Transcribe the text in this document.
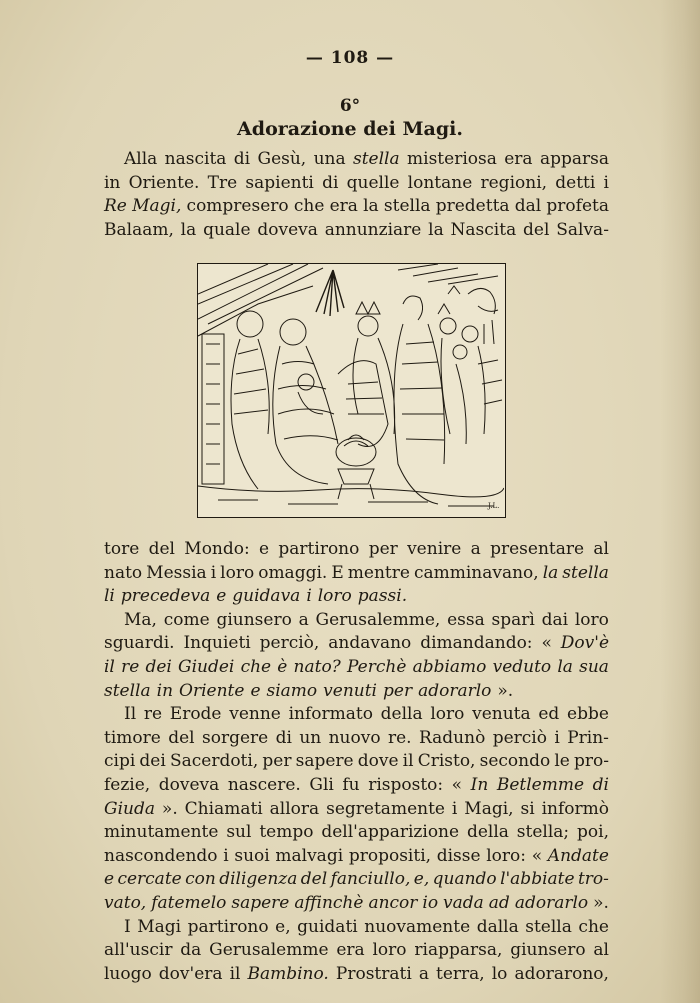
— 108 —
6°
Adorazione dei Magi.
Alla nascita di Gesù, una stella misteriosa era apparsa
in Oriente. Tre sapienti di quelle lontane regioni, detti i
Re Magi, compresero che era la stella predetta dal profeta
Balaam, la quale doveva annunziare la Nascita del Salva-
J.L.
tore del Mondo: e partirono per venire a presentare al
nato Messia i loro omaggi. E mentre camminavano, la stella
li precedeva e guidava i loro passi.
Ma, come giunsero a Gerusalemme, essa sparì dai loro
sguardi. Inquieti perciò, andavano dimandando: « Dov'è
il re dei Giudei che è nato? Perchè abbiamo veduto la sua
stella in Oriente e siamo venuti per adorarlo ».
Il re Erode venne informato della loro venuta ed ebbe
timore del sorgere di un nuovo re. Radunò perciò i Prin-
cipi dei Sacerdoti, per sapere dove il Cristo, secondo le pro-
fezie, doveva nascere. Gli fu risposto: « In Betlemme di
Giuda ». Chiamati allora segretamente i Magi, si informò
minutamente sul tempo dell'apparizione della stella; poi,
nascondendo i suoi malvagi propositi, disse loro: « Andate
e cercate con diligenza del fanciullo, e, quando l'abbiate tro-
vato, fatemelo sapere affinchè ancor io vada ad adorarlo ».
I Magi partirono e, guidati nuovamente dalla stella che
all'uscir da Gerusalemme era loro riapparsa, giunsero al
luogo dov'era il Bambino. Prostrati a terra, lo adorarono,
